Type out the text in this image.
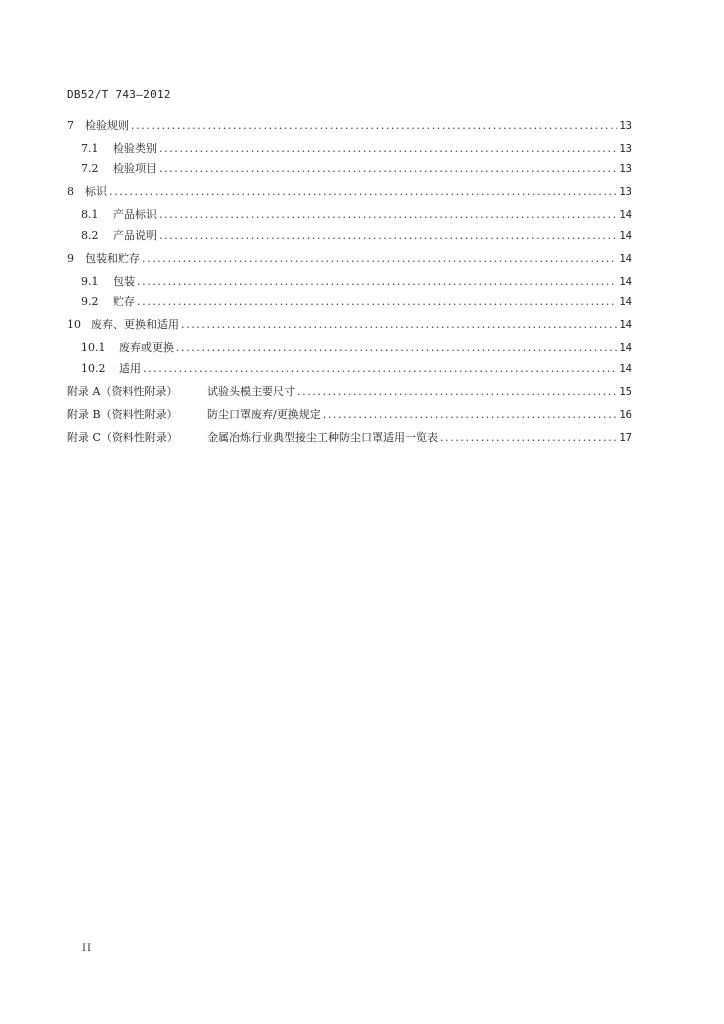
DB52/T 743—2012
7	检验规则 .....	13
7.1	检验类别 .....	13
7.2	检验项目 .....	13
8	标识 .....	13
8.1	产品标识 .....	14
8.2	产品说明 .....	14
9	包装和贮存 .....	14
9.1	包装 .....	14
9.2	贮存 .....	14
10 废弃、更换和适用 .....	14
10.1	废弃或更换 .....	14
10.2	适用 .....	14
附录 A（资料性附录）	试验头模主要尺寸 .....	15
附录 B（资料性附录）	防尘口罩废弃/更换规定 .....	16
附录 C（资料性附录）	金属冶炼行业典型接尘工种防尘口罩适用一览表 .....	17
II
